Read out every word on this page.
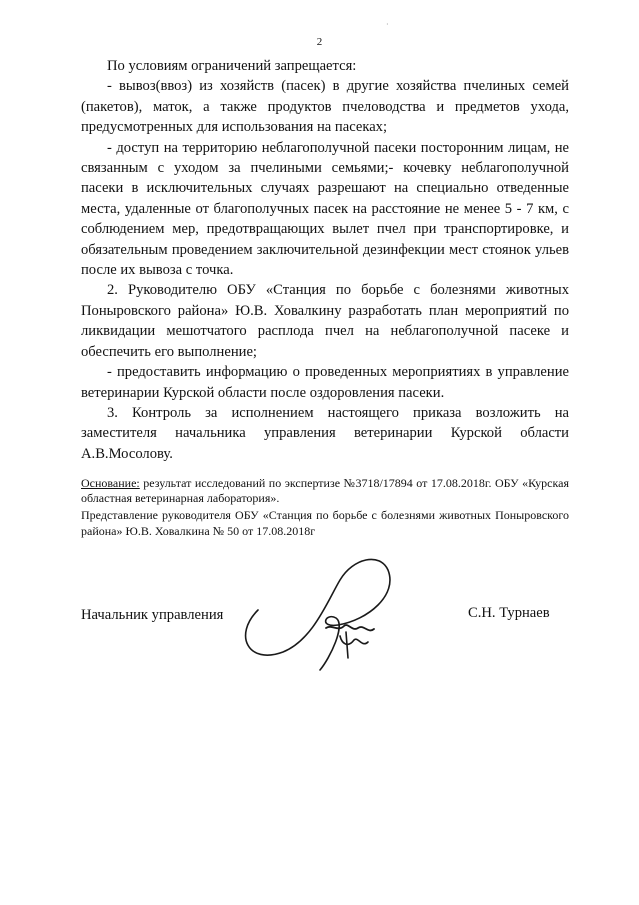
·
2

По условиям ограничений запрещается:

- вывоз(ввоз) из хозяйств (пасек) в другие хозяйства пчелиных семей (пакетов), маток, а также продуктов пчеловодства и предметов ухода, предусмотренных для использования на пасеках;

- доступ на территорию неблагополучной пасеки посторонним лицам, не связанным с уходом за пчелиными семьями;- кочевку неблагополучной пасеки в исключительных случаях разрешают на специально отведенные места, удаленные от благополучных пасек на расстояние не менее 5 - 7 км, с соблюдением мер, предотвращающих вылет пчел при транспортировке, и обязательным проведением заключительной дезинфекции мест стоянок ульев после их вывоза с точка.

2. Руководителю ОБУ «Станция по борьбе с болезнями животных Поныровского района» Ю.В. Ховалкину разработать план мероприятий по ликвидации мешотчатого расплода пчел на неблагополучной пасеке и обеспечить его выполнение;

- предоставить информацию о проведенных мероприятиях в управление ветеринарии Курской области после оздоровления пасеки.

3. Контроль за исполнением настоящего приказа возложить на заместителя начальника управления ветеринарии Курской области А.В.Мосолову.

Основание: результат исследований по экспертизе №3718/17894 от 17.08.2018г. ОБУ «Курская областная ветеринарная лаборатория».

Представление руководителя ОБУ «Станция по борьбе с болезнями животных Поныровского района» Ю.В. Ховалкина № 50 от 17.08.2018г

Начальник управления	С.Н. Турнаев
